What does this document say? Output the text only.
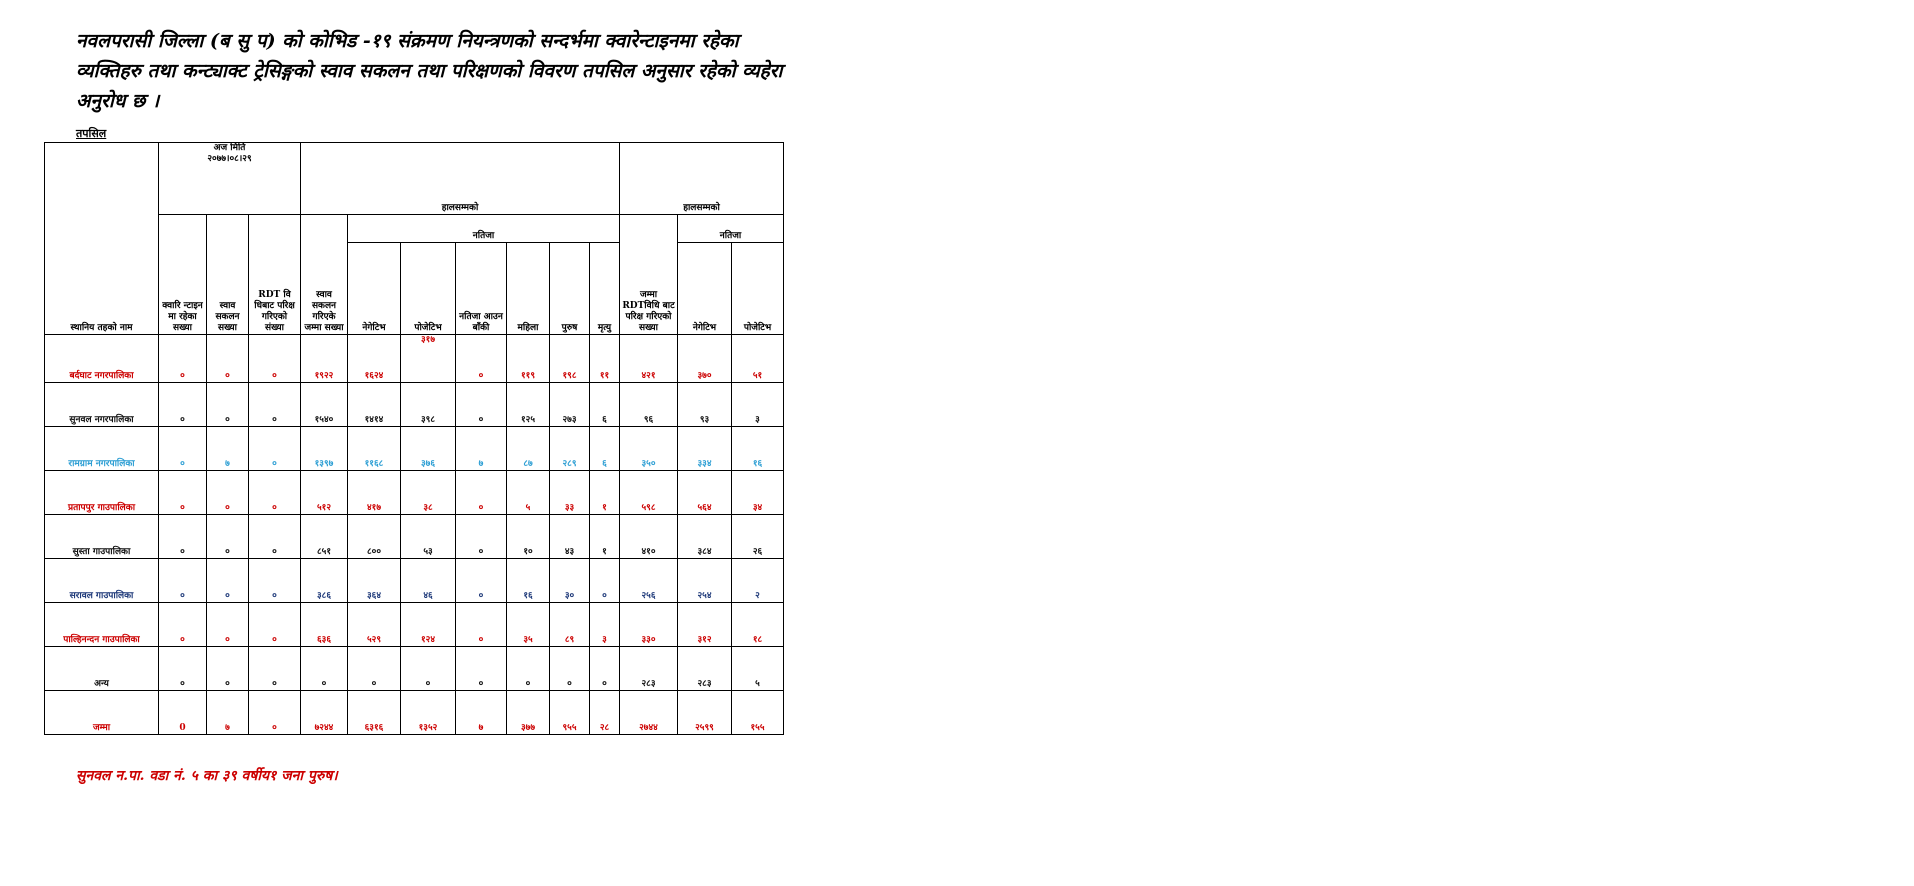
नवलपरासी जिल्ला (ब सु प) को कोभिड -१९ संक्रमण नियन्त्रणको सन्दर्भमा क्वारेन्टाइनमा रहेका व्यक्तिहरु तथा कन्ट्याक्ट ट्रेसिङ्गको स्वाव सकलन तथा परिक्षणको विवरण तपसिल अनुसार रहेको व्यहेरा अनुरोध छ ।

तपसिल

स्थानिय तहको नाम	अज मिति
२०७७।०८।२९			हालसम्मको							हालसम्मको		
	क्वारि न्टाइन मा रहेका सख्या	स्वाव सकलन सख्या	RDT वि धिबाट परिक्ष गरिएको संख्या	स्वाव सकलन गरिएके जम्मा सख्या	नतिजा						जम्मा RDTविधि बाट परिक्ष गरिएको सख्या	नतिजा	
					नेगेटिभ	पोजेटिभ	नतिजा आउन बाँकी	महिला	पुरुष	मृत्यु		नेगेटिभ	पोजेटिभ
बर्दघाट नगरपालिका	०	०	०	१९२२	१६२४	३१७	०	११९	१९८	११	४२१	३७०	५१
सुनवल नगरपालिका	०	०	०	१५४०	१४१४	३९८	०	१२५	२७३	६	९६	९३	३
रामग्राम नगरपालिका	०	७	०	१३९७	११६८	३७६	७	८७	२८९	६	३५०	३३४	१६
प्रतापपुर गाउपालिका	०	०	०	५१२	४१७	३८	०	५	३३	१	५९८	५६४	३४
सुस्ता गाउपालिका	०	०	०	८५१	८००	५३	०	१०	४३	१	४१०	३८४	२६
सरावल गाउपालिका	०	०	०	३८६	३६४	४६	०	१६	३०	०	२५६	२५४	२
पाल्हिनन्दन गाउपालिका	०	०	०	६३६	५२९	१२४	०	३५	८९	३	३३०	३१२	१८
अन्य	०	०	०	०	०	०	०	०	०	०	२८३	२८३	५
जम्मा	0	७	०	७२४४	६३१६	१३५२	७	३७७	९५५	२८	२७४४	२५९९	१५५

सुनवल न.पा. वडा नं. ५ का ३९ वर्षीय१ जना पुरुष।
